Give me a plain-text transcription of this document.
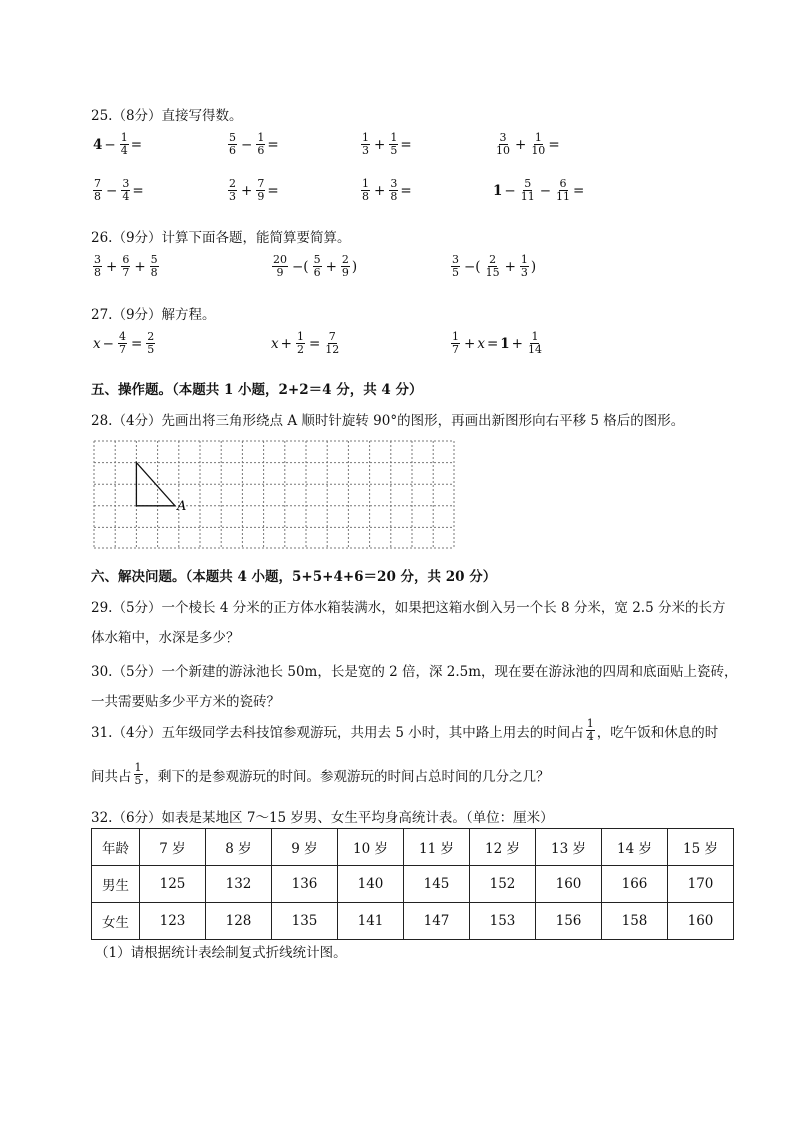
25.（8分）直接写得数。
$4 - \frac{1}{4}$ =	$\frac{5}{6} - \frac{1}{6}$ =	$\frac{1}{3} + \frac{1}{5}$ =	$\frac{3}{10} + \frac{1}{10}$ =
$\frac{7}{8} - \frac{3}{4}$ =	$\frac{2}{3} + \frac{7}{9}$ =	$\frac{1}{8} + \frac{3}{8}$ =	$1 - \frac{5}{11} - \frac{6}{11}$ =
26.（9分）计算下面各题，能简算要简算。
$\frac{3}{8} + \frac{6}{7} + \frac{5}{8}$	$\frac{20}{9}$ −( $\frac{5}{6} + \frac{2}{9}$ )	$\frac{3}{5}$ −( $\frac{2}{15} + \frac{1}{3}$ )
27.（9分）解方程。
$x - \frac{4}{7} = \frac{2}{5}$	$x + \frac{1}{2} = \frac{7}{12}$	$\frac{1}{7} + x = 1 + \frac{1}{14}$
五、操作题。（本题共 1 小题，2+2＝4 分，共 4 分）
28.（4分）先画出将三角形绕点 A 顺时针旋转 90°的图形，再画出新图形向右平移 5 格后的图形。
A
六、解决问题。（本题共 4 小题，5+5+4+6＝20 分，共 20 分）
29.（5分）一个棱长 4 分米的正方体水箱装满水，如果把这箱水倒入另一个长 8 分米，宽 2.5 分米的长方
体水箱中，水深是多少？
30.（5分）一个新建的游泳池长 50m，长是宽的 2 倍，深 2.5m，现在要在游泳池的四周和底面贴上瓷砖，
一共需要贴多少平方米的瓷砖？
31.（4分）五年级同学去科技馆参观游玩，共用去 5 小时，其中路上用去的时间占 $\frac{1}{4}$ ，吃午饭和休息的时
间共占 $\frac{1}{5}$ ，剩下的是参观游玩的时间。参观游玩的时间占总时间的几分之几？
32.（6分）如表是某地区 7～15 岁男、女生平均身高统计表。（单位：厘米）
年龄	7 岁	8 岁	9 岁	10 岁	11 岁	12 岁	13 岁	14 岁	15 岁
男生	125	132	136	140	145	152	160	166	170
女生	123	128	135	141	147	153	156	158	160
（1）请根据统计表绘制复式折线统计图。
